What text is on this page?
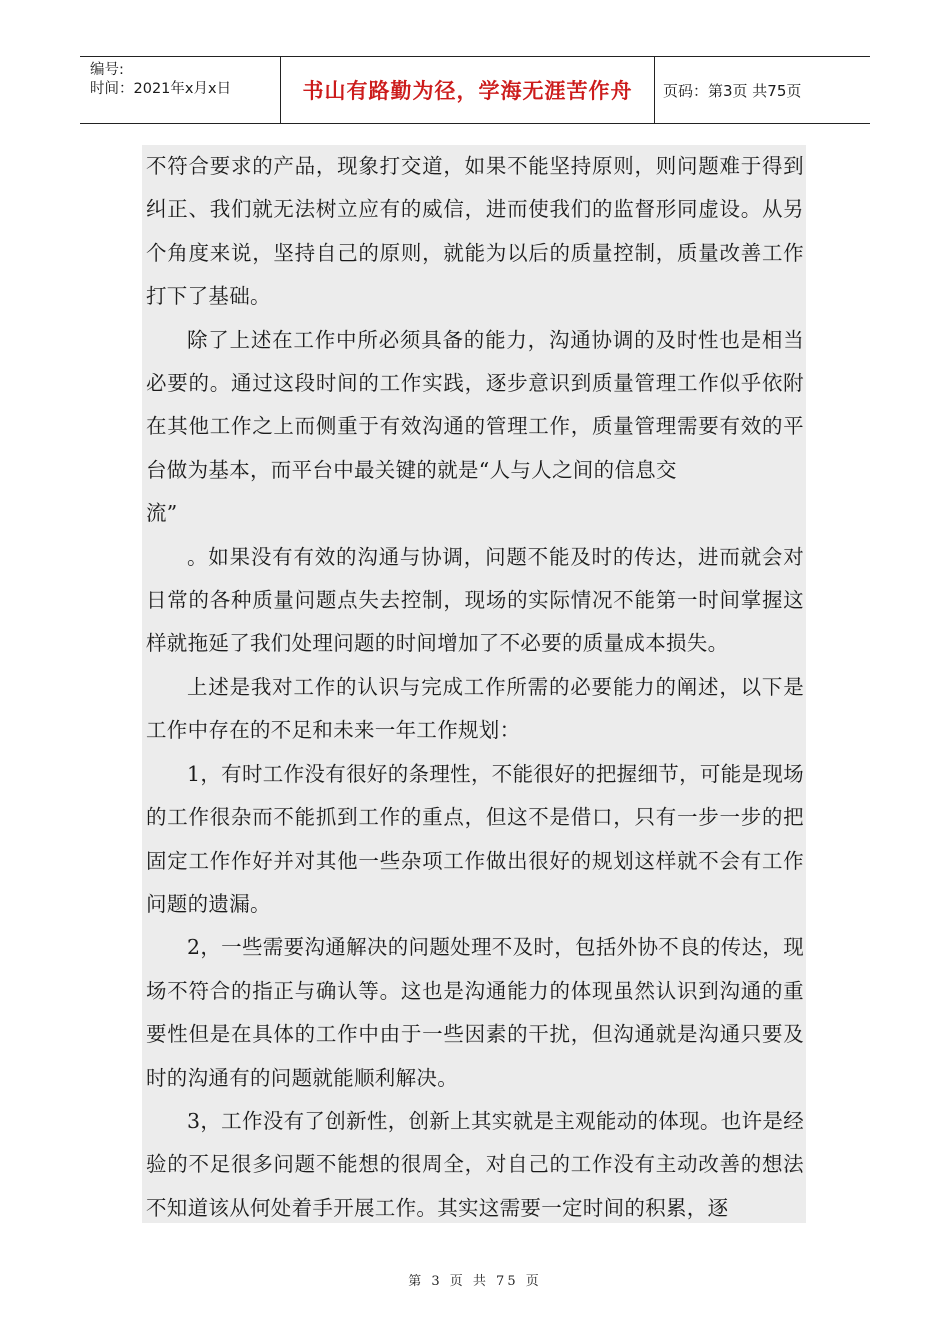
编号:
时间：2021年x月x日	书山有路勤为径，学海无涯苦作舟 页码：第3页 共75页

不符合要求的产品，现象打交道，如果不能坚持原则，则问题难于得到纠正、我们就无法树立应有的威信，进而使我们的监督形同虚设。从另个角度来说，坚持自己的原则，就能为以后的质量控制，质量改善工作打下了基础。

除了上述在工作中所必须具备的能力，沟通协调的及时性也是相当必要的。通过这段时间的工作实践，逐步意识到质量管理工作似乎依附在其他工作之上而侧重于有效沟通的管理工作，质量管理需要有效的平台做为基本，而平台中最关键的就是“人与人之间的信息交
流”

。如果没有有效的沟通与协调，问题不能及时的传达，进而就会对日常的各种质量问题点失去控制，现场的实际情况不能第一时间掌握这样就拖延了我们处理问题的时间增加了不必要的质量成本损失。

上述是我对工作的认识与完成工作所需的必要能力的阐述，以下是工作中存在的不足和未来一年工作规划：

1，有时工作没有很好的条理性，不能很好的把握细节，可能是现场的工作很杂而不能抓到工作的重点，但这不是借口，只有一步一步的把固定工作作好并对其他一些杂项工作做出很好的规划这样就不会有工作问题的遗漏。

2，一些需要沟通解决的问题处理不及时，包括外协不良的传达，现场不符合的指正与确认等。这也是沟通能力的体现虽然认识到沟通的重要性但是在具体的工作中由于一些因素的干扰，但沟通就是沟通只要及时的沟通有的问题就能顺利解决。

3，工作没有了创新性，创新上其实就是主观能动的体现。也许是经验的不足很多问题不能想的很周全，对自己的工作没有主动改善的想法不知道该从何处着手开展工作。其实这需要一定时间的积累，逐

第 3 页 共 75 页
